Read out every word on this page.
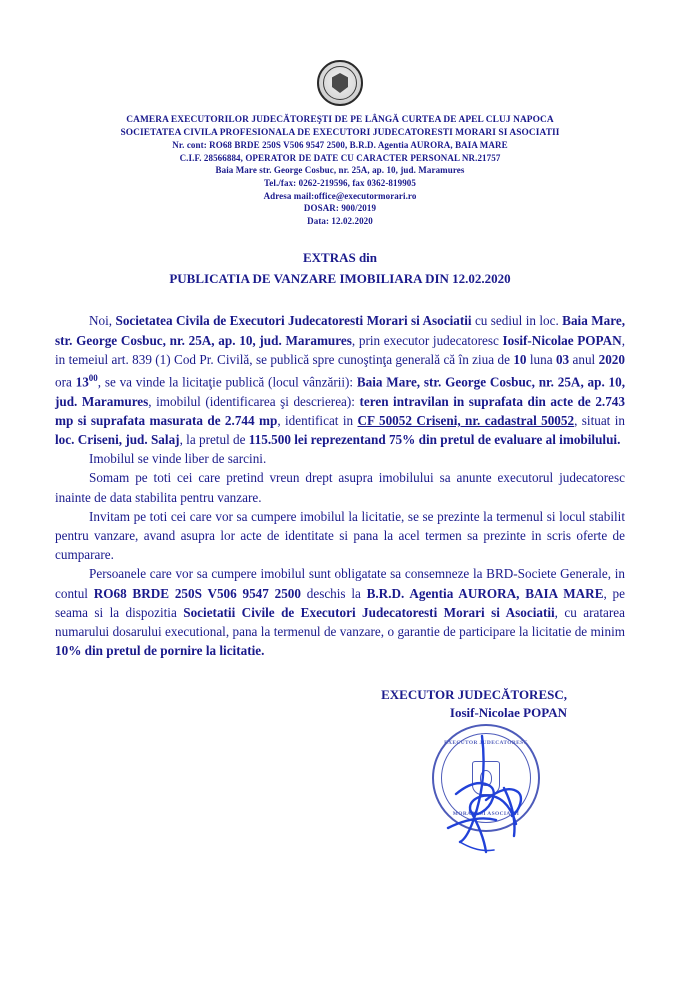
CAMERA EXECUTORILOR JUDECĂTOREŞTI DE PE LÂNGĂ CURTEA DE APEL CLUJ NAPOCA
SOCIETATEA CIVILA PROFESIONALA DE EXECUTORI JUDECATORESTI MORARI SI ASOCIATII
Nr. cont: RO68 BRDE 250S V506 9547 2500, B.R.D. Agentia AURORA, BAIA MARE
C.I.F. 28566884, OPERATOR DE DATE CU CARACTER PERSONAL NR.21757
Baia Mare str. George Cosbuc, nr. 25A, ap. 10, jud. Maramures
Tel./fax: 0262-219596, fax 0362-819905
Adresa mail:office@executormorari.ro
DOSAR: 900/2019
Data: 12.02.2020
EXTRAS din
PUBLICATIA DE VANZARE IMOBILIARA DIN 12.02.2020

Noi, Societatea Civila de Executori Judecatoresti Morari si Asociatii cu sediul in loc. Baia Mare, str. George Cosbuc, nr. 25A, ap. 10, jud. Maramures, prin executor judecatoresc Iosif-Nicolae POPAN, in temeiul art. 839 (1) Cod Pr. Civilă, se publică spre cunoştinţa generală că în ziua de 10 luna 03 anul 2020 ora $13^{00}$, se va vinde la licitaţie publică (locul vânzării): Baia Mare, str. George Cosbuc, nr. 25A, ap. 10, jud. Maramures, imobilul (identificarea şi descrierea): teren intravilan in suprafata din acte de 2.743 mp si suprafata masurata de 2.744 mp, identificat in CF 50052 Criseni, nr. cadastral 50052, situat in loc. Criseni, jud. Salaj, la pretul de 115.500 lei reprezentand 75% din pretul de evaluare al imobilului.

Imobilul se vinde liber de sarcini.

Somam pe toti cei care pretind vreun drept asupra imobilului sa anunte executorul judecatoresc inainte de data stabilita pentru vanzare.

Invitam pe toti cei care vor sa cumpere imobilul la licitatie, se se prezinte la termenul si locul stabilit pentru vanzare, avand asupra lor acte de identitate si pana la acel termen sa prezinte in scris oferte de cumparare.

Persoanele care vor sa cumpere imobilul sunt obligatate sa consemneze la BRD-Societe Generale, in contul RO68 BRDE 250S V506 9547 2500 deschis la B.R.D. Agentia AURORA, BAIA MARE, pe seama si la dispozitia Societatii Civile de Executori Judecatoresti Morari si Asociatii, cu aratarea numarului dosarului executional, pana la termenul de vanzare, o garantie de participare la licitatie de minim 10% din pretul de pornire la licitatie.

EXECUTOR JUDECĂTORESC,
Iosif-Nicolae POPAN
EXECUTOR JUDECATORESC
MORARI SI ASOCIATII
